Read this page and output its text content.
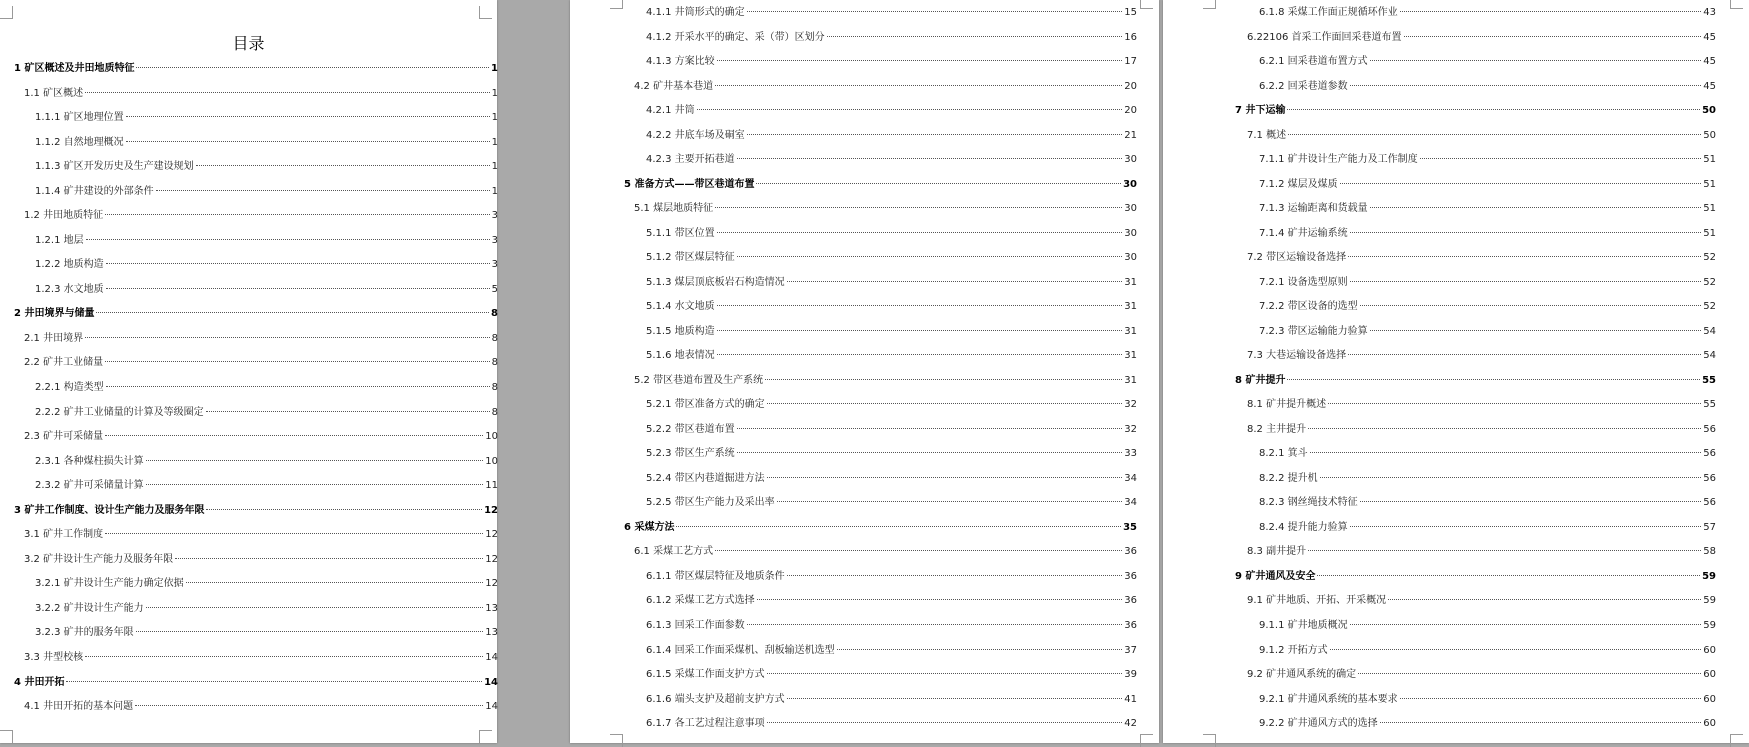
目录
1 矿区概述及井田地质特征	1
1.1 矿区概述	1
1.1.1 矿区地理位置	1
1.1.2 自然地理概况	1
1.1.3 矿区开发历史及生产建设规划	1
1.1.4 矿井建设的外部条件	1
1.2 井田地质特征	3
1.2.1 地层	3
1.2.2 地质构造	3
1.2.3 水文地质	5
2 井田境界与储量	8
2.1 井田境界	8
2.2 矿井工业储量	8
2.2.1 构造类型	8
2.2.2 矿井工业储量的计算及等级圈定	8
2.3 矿井可采储量	10
2.3.1 各种煤柱损失计算	10
2.3.2 矿井可采储量计算	11
3 矿井工作制度、设计生产能力及服务年限	12
3.1 矿井工作制度	12
3.2 矿井设计生产能力及服务年限	12
3.2.1 矿井设计生产能力确定依据	12
3.2.2 矿井设计生产能力	13
3.2.3 矿井的服务年限	13
3.3 井型校核	14
4 井田开拓	14
4.1 井田开拓的基本问题	14
4.1.1 井筒形式的确定	15
4.1.2 开采水平的确定、采（带）区划分	16
4.1.3 方案比较	17
4.2 矿井基本巷道	20
4.2.1 井筒	20
4.2.2 井底车场及硐室	21
4.2.3 主要开拓巷道	30
5 准备方式——带区巷道布置	30
5.1 煤层地质特征	30
5.1.1 带区位置	30
5.1.2 带区煤层特征	30
5.1.3 煤层顶底板岩石构造情况	31
5.1.4 水文地质	31
5.1.5 地质构造	31
5.1.6 地表情况	31
5.2 带区巷道布置及生产系统	31
5.2.1 带区准备方式的确定	32
5.2.2 带区巷道布置	32
5.2.3 带区生产系统	33
5.2.4 带区内巷道掘进方法	34
5.2.5 带区生产能力及采出率	34
6 采煤方法	35
6.1 采煤工艺方式	36
6.1.1 带区煤层特征及地质条件	36
6.1.2 采煤工艺方式选择	36
6.1.3 回采工作面参数	36
6.1.4 回采工作面采煤机、刮板输送机选型	37
6.1.5 采煤工作面支护方式	39
6.1.6 端头支护及超前支护方式	41
6.1.7 各工艺过程注意事项	42
6.1.8 采煤工作面正规循环作业	43
6.22106 首采工作面回采巷道布置	45
6.2.1 回采巷道布置方式	45
6.2.2 回采巷道参数	45
7 井下运输	50
7.1 概述	50
7.1.1 矿井设计生产能力及工作制度	51
7.1.2 煤层及煤质	51
7.1.3 运输距离和货载量	51
7.1.4 矿井运输系统	51
7.2 带区运输设备选择	52
7.2.1 设备选型原则	52
7.2.2 带区设备的选型	52
7.2.3 带区运输能力验算	54
7.3 大巷运输设备选择	54
8 矿井提升	55
8.1 矿井提升概述	55
8.2 主井提升	56
8.2.1 箕斗	56
8.2.2 提升机	56
8.2.3 钢丝绳技术特征	56
8.2.4 提升能力验算	57
8.3 副井提升	58
9 矿井通风及安全	59
9.1 矿井地质、开拓、开采概况	59
9.1.1 矿井地质概况	59
9.1.2 开拓方式	60
9.2 矿井通风系统的确定	60
9.2.1 矿井通风系统的基本要求	60
9.2.2 矿井通风方式的选择	60
